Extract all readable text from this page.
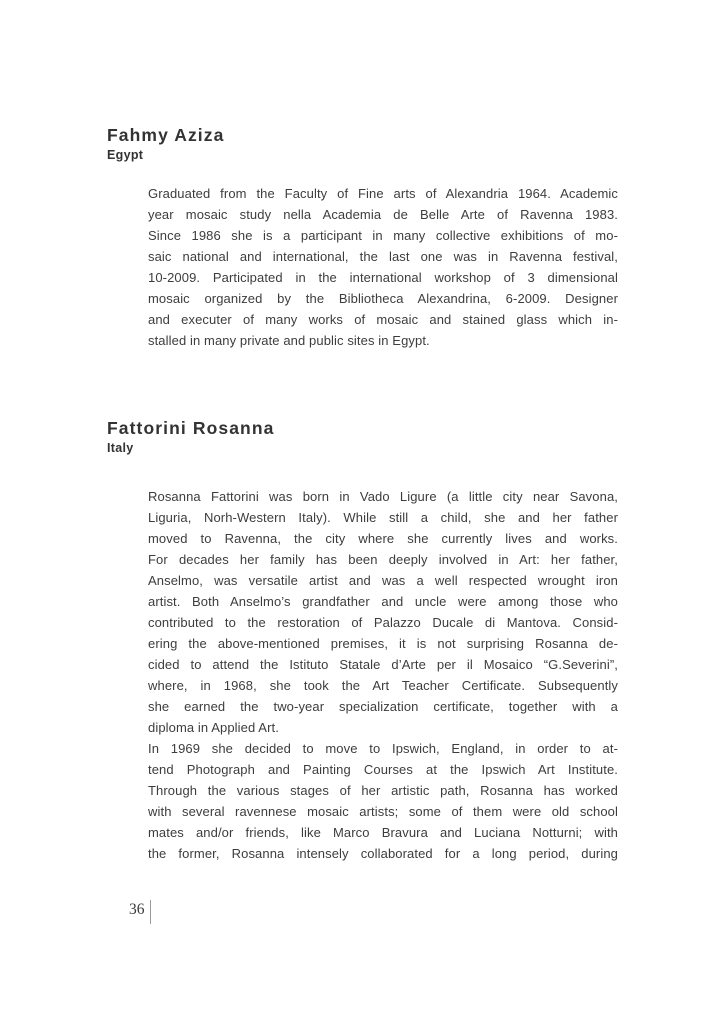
Fahmy Aziza
Egypt
Graduated from the Faculty of Fine arts of Alexandria 1964. Academic
year mosaic study nella Academia de Belle Arte of Ravenna 1983.
Since 1986 she is a participant in many collective exhibitions of mo-
saic national and international, the last one was in Ravenna festival,
10-2009. Participated in the international workshop of 3 dimensional
mosaic organized by the Bibliotheca Alexandrina, 6-2009. Designer
and executer of many works of mosaic and stained glass which in-
stalled in many private and public sites in Egypt.
Fattorini Rosanna
Italy
Rosanna Fattorini was born in Vado Ligure (a little city near Savona,
Liguria, Norh-Western Italy). While still a child, she and her father
moved to Ravenna, the city where she currently lives and works.
For decades her family has been deeply involved in Art: her father,
Anselmo, was versatile artist and was a well respected wrought iron
artist. Both Anselmo’s grandfather and uncle were among those who
contributed to the restoration of Palazzo Ducale di Mantova. Consid-
ering the above-mentioned premises, it is not surprising Rosanna de-
cided to attend the Istituto Statale d’Arte per il Mosaico “G.Severini”,
where, in 1968, she took the Art Teacher Certificate. Subsequently
she earned the two-year specialization certificate, together with a
diploma in Applied Art.
In 1969 she decided to move to Ipswich, England, in order to at-
tend Photograph and Painting Courses at the Ipswich Art Institute.
Through the various stages of her artistic path, Rosanna has worked
with several ravennese mosaic artists; some of them were old school
mates and/or friends, like Marco Bravura and Luciana Notturni; with
the former, Rosanna intensely collaborated for a long period, during
36
